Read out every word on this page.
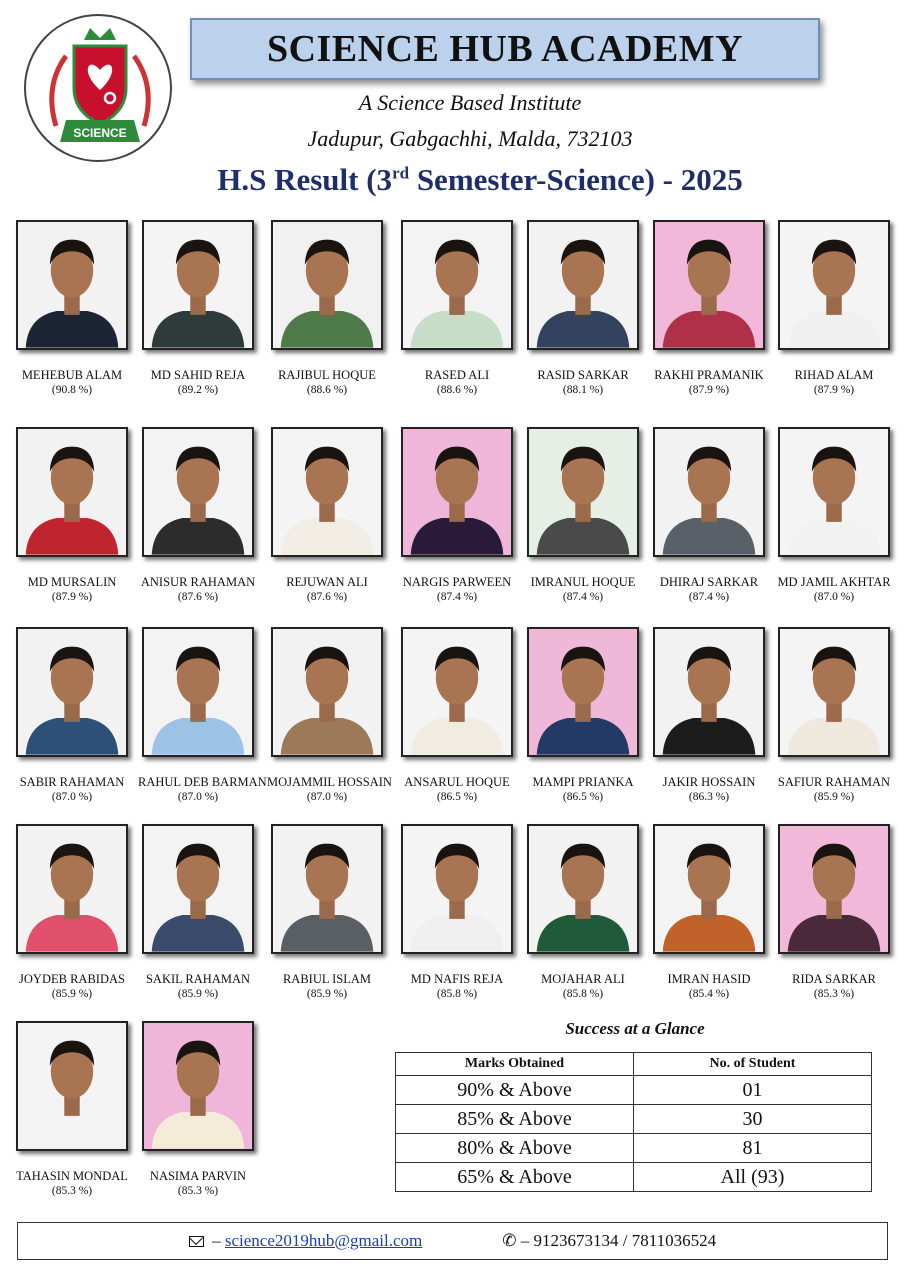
SCIENCE HUB
SCIENCE HUB ACADEMY
A Science Based Institute
Jadupur, Gabgachhi, Malda, 732103
H.S Result (3rd Semester-Science) - 2025
MEHEBUB ALAM
(90.8 %)
MD SAHID REJA
(89.2 %)
RAJIBUL HOQUE
(88.6 %)
RASED ALI
(88.6 %)
RASID SARKAR
(88.1 %)
RAKHI PRAMANIK
(87.9 %)
RIHAD ALAM
(87.9 %)
MD MURSALIN
(87.9 %)
ANISUR RAHAMAN
(87.6 %)
REJUWAN ALI
(87.6 %)
NARGIS PARWEEN
(87.4 %)
IMRANUL HOQUE
(87.4 %)
DHIRAJ SARKAR
(87.4 %)
MD JAMIL AKHTAR
(87.0 %)
SABIR RAHAMAN
(87.0 %)
RAHUL DEB BARMAN
(87.0 %)
MOJAMMIL HOSSAIN
(87.0 %)
ANSARUL HOQUE
(86.5 %)
MAMPI PRIANKA
(86.5 %)
JAKIR HOSSAIN
(86.3 %)
SAFIUR RAHAMAN
(85.9 %)
JOYDEB RABIDAS
(85.9 %)
SAKIL RAHAMAN
(85.9 %)
RABIUL ISLAM
(85.9 %)
MD NAFIS REJA
(85.8 %)
MOJAHAR ALI
(85.8 %)
IMRAN HASID
(85.4 %)
RIDA SARKAR
(85.3 %)
TAHASIN MONDAL
(85.3 %)
NASIMA PARVIN
(85.3 %)
Success at a Glance
Marks Obtained	No. of Student
90% & Above	01
85% & Above	30
80% & Above	81
65% & Above	All (93)
– science2019hub@gmail.com	✆ – 9123673134 / 7811036524
